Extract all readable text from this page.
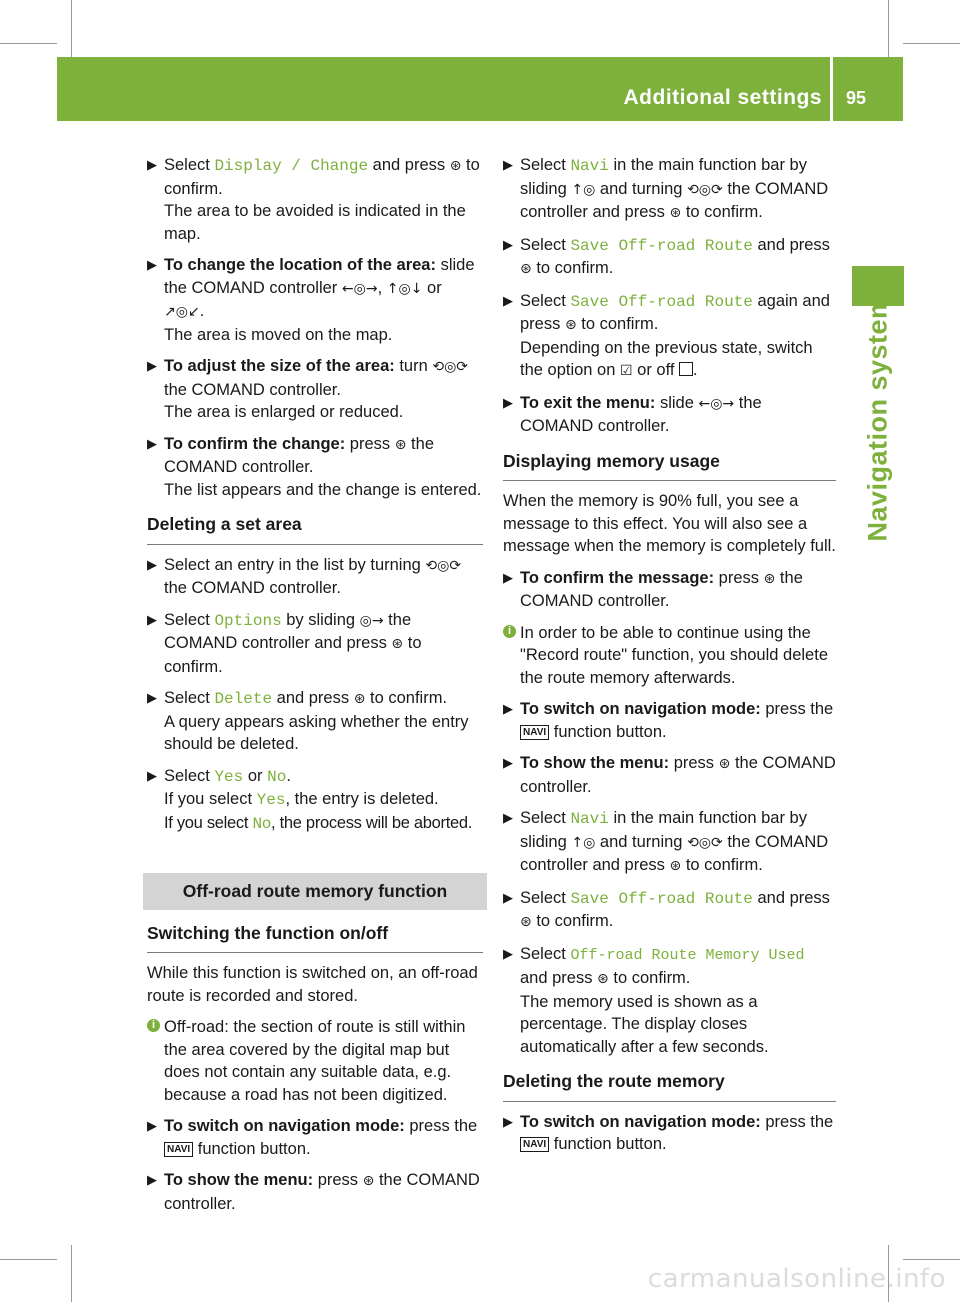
Additional settings 95
Navigation system
▶ Select Display / Change and press ⊛ to confirm.

The area to be avoided is indicated in the map.

▶ To change the location of the area: slide the COMAND controller ←◎→, ↑◎↓ or ↗◎↙.

The area is moved on the map.

▶ To adjust the size of the area: turn ⟲◎⟳ the COMAND controller.

The area is enlarged or reduced.

▶ To confirm the change: press ⊛ the COMAND controller.

The list appears and the change is entered.

Deleting a set area
▶ Select an entry in the list by turning ⟲◎⟳ the COMAND controller.

▶ Select Options by sliding ◎→ the COMAND controller and press ⊛ to confirm.

▶ Select Delete and press ⊛ to confirm.

A query appears asking whether the entry should be deleted.

▶ Select Yes or No.

If you select Yes, the entry is deleted.

If you select No, the process will be aborted.

Off-road route memory function
Switching the function on/off

While this function is switched on, an off-road route is recorded and stored.

i Off-road: the section of route is still within the area covered by the digital map but does not contain any suitable data, e.g. because a road has not been digitized.

▶ To switch on navigation mode: press the NAVI function button.

▶ To show the menu: press ⊛ the COMAND controller.

▶ Select Navi in the main function bar by sliding ↑◎ and turning ⟲◎⟳ the COMAND controller and press ⊛ to confirm.

▶ Select Save Off-road Route and press
⊛ to confirm.

▶ Select Save Off-road Route again and press ⊛ to confirm.

Depending on the previous state, switch the option on ☑ or off .

▶ To exit the menu: slide ←◎→ the COMAND controller.

Displaying memory usage

When the memory is 90% full, you see a message to this effect. You will also see a message when the memory is completely full.

▶ To confirm the message: press ⊛ the COMAND controller.

i In order to be able to continue using the "Record route" function, you should delete the route memory afterwards.

▶ To switch on navigation mode: press the NAVI function button.

▶ To show the menu: press ⊛ the COMAND controller.

▶ Select Navi in the main function bar by sliding ↑◎ and turning ⟲◎⟳ the COMAND controller and press ⊛ to confirm.

▶ Select Save Off-road Route and press
⊛ to confirm.

▶ Select Off-road Route Memory Used and press ⊛ to confirm.

The memory used is shown as a percentage. The display closes automatically after a few seconds.

Deleting the route memory
▶ To switch on navigation mode: press the NAVI function button.

carmanualsonline.info
